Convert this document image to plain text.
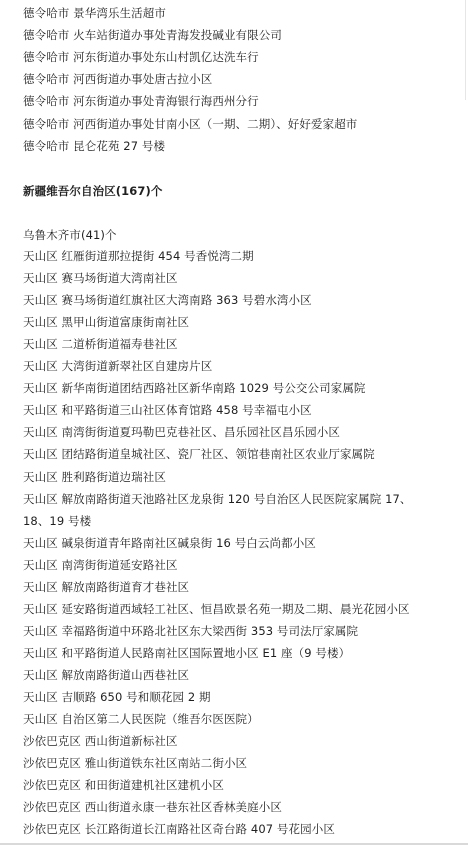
德令哈市 景华湾乐生活超市
德令哈市 火车站街道办事处青海发投碱业有限公司
德令哈市 河东街道办事处东山村凯亿达洗车行
德令哈市 河西街道办事处唐古拉小区
德令哈市 河东街道办事处青海银行海西州分行
德令哈市 河西街道办事处甘南小区（一期、二期）、好好爱家超市
德令哈市 昆仑花苑 27 号楼
新疆维吾尔自治区(167)个
乌鲁木齐市(41)个
天山区 红雁街道那拉提街 454 号香悦湾二期
天山区 赛马场街道大湾南社区
天山区 赛马场街道红旗社区大湾南路 363 号碧水湾小区
天山区 黑甲山街道富康街南社区
天山区 二道桥街道福寿巷社区
天山区 大湾街道新翠社区自建房片区
天山区 新华南街道团结西路社区新华南路 1029 号公交公司家属院
天山区 和平路街道三山社区体育馆路 458 号幸福屯小区
天山区 南湾街街道夏玛勒巴克巷社区、昌乐园社区昌乐园小区
天山区 团结路街道皇城社区、瓷厂社区、领馆巷南社区农业厅家属院
天山区 胜利路街道边瑞社区
天山区 解放南路街道天池路社区龙泉街 120 号自治区人民医院家属院 17、
18、19 号楼
天山区 碱泉街道青年路南社区碱泉街 16 号白云尚都小区
天山区 南湾街街道延安路社区
天山区 解放南路街道育才巷社区
天山区 延安路街道西域轻工社区、恒昌欧景名苑一期及二期、晨光花园小区
天山区 幸福路街道中环路北社区东大梁西街 353 号司法厅家属院
天山区 和平路街道人民路南社区国际置地小区 E1 座（9 号楼）
天山区 解放南路街道山西巷社区
天山区 吉顺路 650 号和顺花园 2 期
天山区 自治区第二人民医院（维吾尔医医院）
沙依巴克区 西山街道新标社区
沙依巴克区 雅山街道铁东社区南站二街小区
沙依巴克区 和田街道建机社区建机小区
沙依巴克区 西山街道永康一巷东社区香林美庭小区
沙依巴克区 长江路街道长江南路社区奇台路 407 号花园小区
